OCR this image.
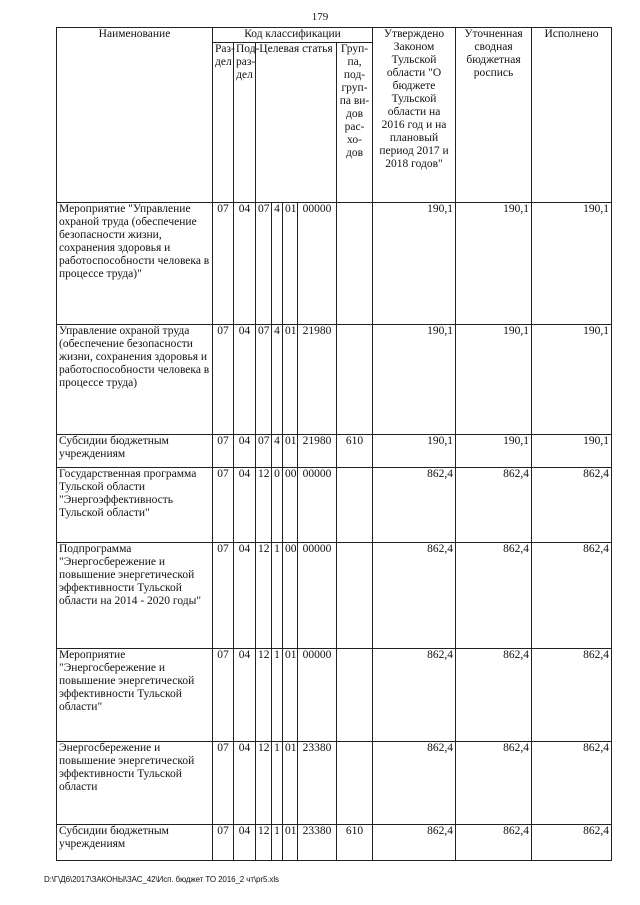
179
Наименование	Код классификации							Утверждено Законом Тульской области "О бюджете Тульской области на 2016 год и на плановый период 2017 и 2018 годов"	Уточненная сводная бюджетная роспись	Исполнено
	Раз-дел	Под-раз-дел	Целевая статья				Груп-па, под-груп-па ви-дов рас-хо-дов			
Мероприятие "Управление охраной труда (обеспечение безопасности жизни, сохранения здоровья и работоспособности человека в процессе труда)"	07	04	07	4	01	00000		190,1	190,1	190,1
Управление охраной труда (обеспечение безопасности жизни, сохранения здоровья и работоспособности человека в процессе труда)	07	04	07	4	01	21980		190,1	190,1	190,1
Субсидии бюджетным учреждениям	07	04	07	4	01	21980	610	190,1	190,1	190,1
Государственная программа Тульской области "Энергоэффективность Тульской области"	07	04	12	0	00	00000		862,4	862,4	862,4
Подпрограмма "Энергосбережение и повышение энергетической эффективности Тульской области на 2014 - 2020 годы"	07	04	12	1	00	00000		862,4	862,4	862,4
Мероприятие "Энергосбережение и повышение энергетической эффективности Тульской области"	07	04	12	1	01	00000		862,4	862,4	862,4
Энергосбережение и повышение энергетической эффективности Тульской области	07	04	12	1	01	23380		862,4	862,4	862,4
Субсидии бюджетным учреждениям	07	04	12	1	01	23380	610	862,4	862,4	862,4
D:\Г\Д6\2017\ЗАКОНЫ\ЗАС_42\Исп. бюджет ТО 2016_2 чт\pr5.xls
